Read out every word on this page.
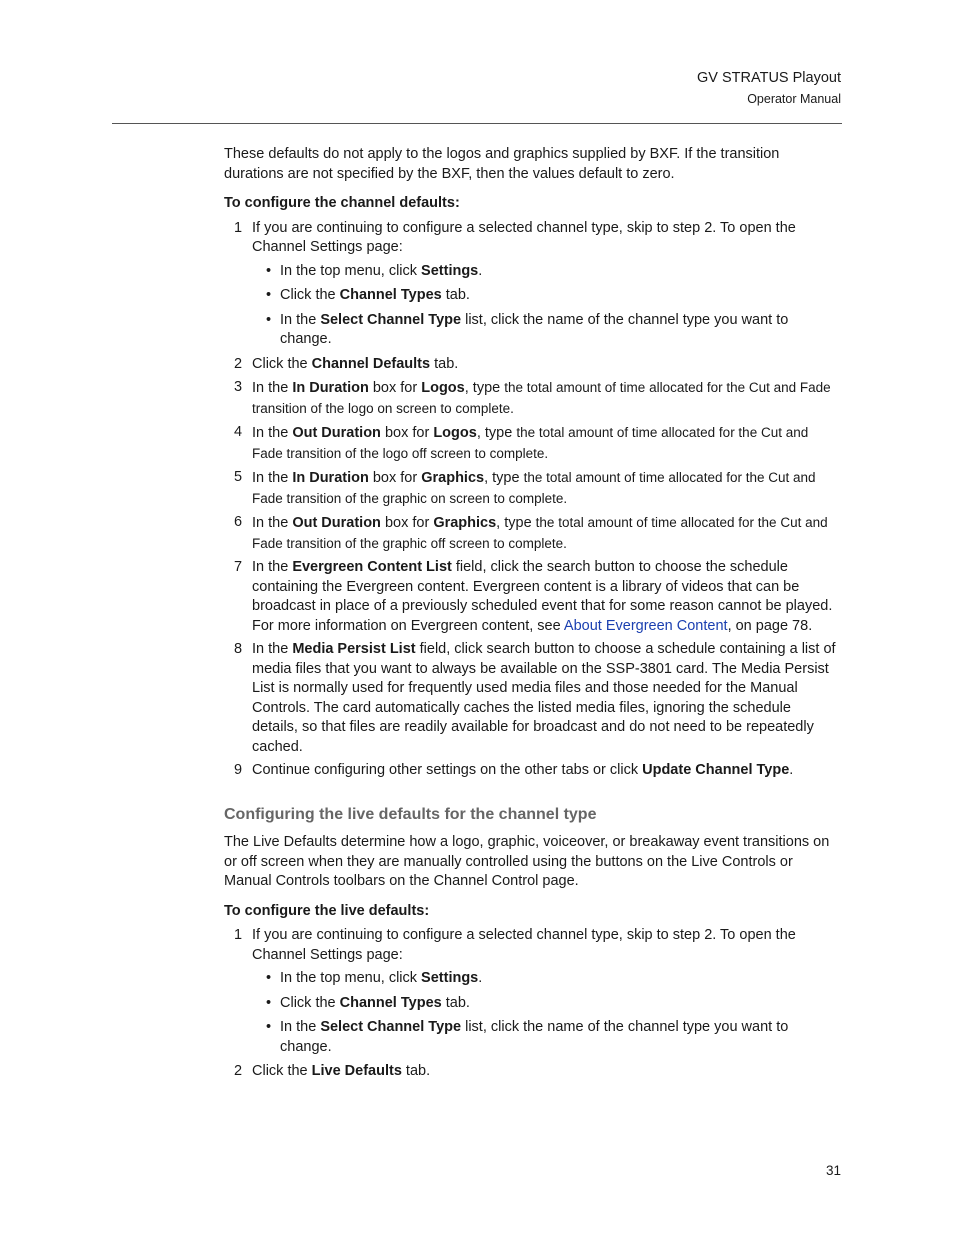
GV STRATUS Playout
Operator Manual

These defaults do not apply to the logos and graphics supplied by BXF. If the transition durations are not specified by the BXF, then the values default to zero.

To configure the channel defaults:

1 If you are continuing to configure a selected channel type, skip to step 2. To open the Channel Settings page:
• In the top menu, click Settings.
• Click the Channel Types tab.
• In the Select Channel Type list, click the name of the channel type you want to change.
2 Click the Channel Defaults tab.
3 In the In Duration box for Logos, type the total amount of time allocated for the Cut and Fade transition of the logo on screen to complete.
4 In the Out Duration box for Logos, type the total amount of time allocated for the Cut and Fade transition of the logo off screen to complete.
5 In the In Duration box for Graphics, type the total amount of time allocated for the Cut and Fade transition of the graphic on screen to complete.
6 In the Out Duration box for Graphics, type the total amount of time allocated for the Cut and Fade transition of the graphic off screen to complete.
7 In the Evergreen Content List field, click the search button to choose the schedule containing the Evergreen content. Evergreen content is a library of videos that can be broadcast in place of a previously scheduled event that for some reason cannot be played. For more information on Evergreen content, see About Evergreen Content, on page 78.
8 In the Media Persist List field, click search button to choose a schedule containing a list of media files that you want to always be available on the SSP-3801 card. The Media Persist List is normally used for frequently used media files and those needed for the Manual Controls. The card automatically caches the listed media files, ignoring the schedule details, so that files are readily available for broadcast and do not need to be repeatedly cached.
9 Continue configuring other settings on the other tabs or click Update Channel Type.
Configuring the live defaults for the channel type

The Live Defaults determine how a logo, graphic, voiceover, or breakaway event transitions on or off screen when they are manually controlled using the buttons on the Live Controls or Manual Controls toolbars on the Channel Control page.

To configure the live defaults:

1 If you are continuing to configure a selected channel type, skip to step 2. To open the Channel Settings page:
• In the top menu, click Settings.
• Click the Channel Types tab.
• In the Select Channel Type list, click the name of the channel type you want to change.
2 Click the Live Defaults tab.
31
